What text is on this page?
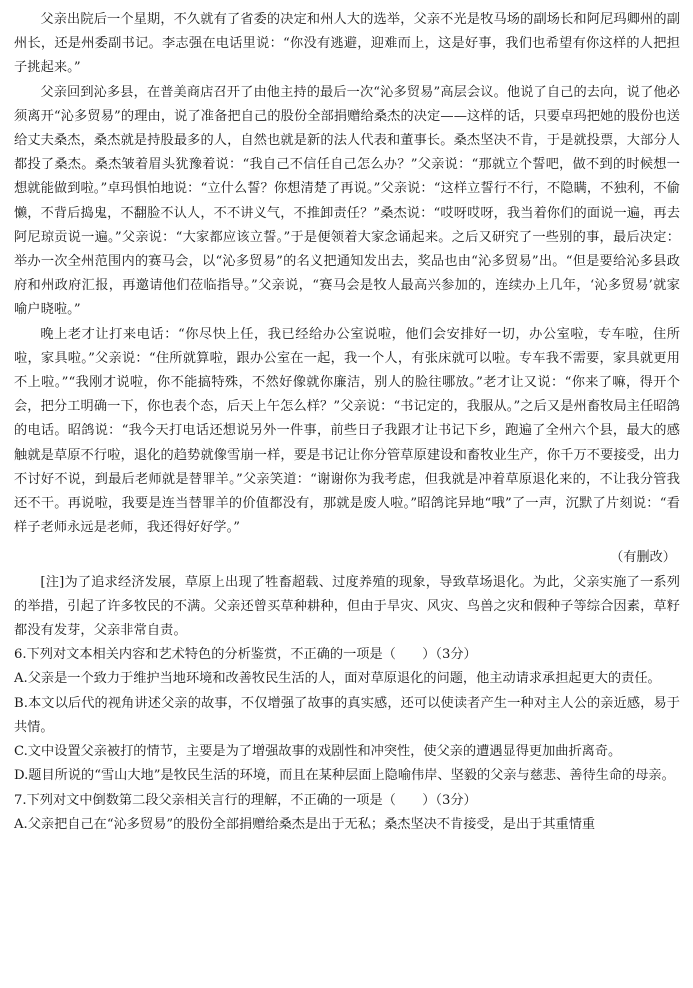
父亲出院后一个星期，不久就有了省委的决定和州人大的选举，父亲不光是牧马场的副场长和阿尼玛卿州的副州长，还是州委副书记。李志强在电话里说：“你没有逃避，迎难而上，这是好事，我们也希望有你这样的人把担子挑起来。”

父亲回到沁多县，在普美商店召开了由他主持的最后一次“沁多贸易”高层会议。他说了自己的去向，说了他必须离开“沁多贸易”的理由，说了准备把自己的股份全部捐赠给桑杰的决定——这样的话，只要卓玛把她的股份也送给丈夫桑杰，桑杰就是持股最多的人，自然也就是新的法人代表和董事长。桑杰坚决不肯，于是就投票，大部分人都投了桑杰。桑杰皱着眉头犹豫着说：“我自己不信任自己怎么办？”父亲说：“那就立个誓吧，做不到的时候想一想就能做到啦。”卓玛惧怕地说：“立什么誓？你想清楚了再说。”父亲说：“这样立誓行不行，不隐瞒，不独利，不偷懒，不背后捣鬼，不翻脸不认人，不不讲义气，不推卸责任？”桑杰说：“哎呀哎呀，我当着你们的面说一遍，再去阿尼琼贡说一遍。”父亲说：“大家都应该立誓。”于是便领着大家念诵起来。之后又研究了一些别的事，最后决定：举办一次全州范围内的赛马会，以“沁多贸易”的名义把通知发出去，奖品也由“沁多贸易”出。“但是要给沁多县政府和州政府汇报，再邀请他们莅临指导。”父亲说，“赛马会是牧人最高兴参加的，连续办上几年，‘沁多贸易’就家喻户晓啦。”

晚上老才让打来电话：“你尽快上任，我已经给办公室说啦，他们会安排好一切，办公室啦，专车啦，住所啦，家具啦。”父亲说：“住所就算啦，跟办公室在一起，我一个人，有张床就可以啦。专车我不需要，家具就更用不上啦。”“我刚才说啦，你不能搞特殊，不然好像就你廉洁，别人的脸往哪放。”老才让又说：“你来了嘛，得开个会，把分工明确一下，你也表个态，后天上午怎么样？”父亲说：“书记定的，我服从。”之后又是州畜牧局主任昭鸽的电话。昭鸽说：“我今天打电话还想说另外一件事，前些日子我跟才让书记下乡，跑遍了全州六个县，最大的感触就是草原不行啦，退化的趋势就像雪崩一样，要是书记让你分管草原建设和畜牧业生产，你千万不要接受，出力不讨好不说，到最后老师就是替罪羊。”父亲笑道：“谢谢你为我考虑，但我就是冲着草原退化来的，不让我分管我还不干。再说啦，我要是连当替罪羊的价值都没有，那就是废人啦。”昭鸽诧异地“哦”了一声，沉默了片刻说：“看样子老师永远是老师，我还得好好学。”

（有删改）

[注]为了追求经济发展，草原上出现了牲畜超载、过度养殖的现象，导致草场退化。为此，父亲实施了一系列的举措，引起了许多牧民的不满。父亲还曾买草种耕种，但由于旱灾、风灾、鸟兽之灾和假种子等综合因素，草籽都没有发芽，父亲非常自责。

6.下列对文本相关内容和艺术特色的分析鉴赏，不正确的一项是（　　）（3分）

A.父亲是一个致力于维护当地环境和改善牧民生活的人，面对草原退化的问题，他主动请求承担起更大的责任。

B.本文以后代的视角讲述父亲的故事，不仅增强了故事的真实感，还可以使读者产生一种对主人公的亲近感，易于共情。

C.文中设置父亲被打的情节，主要是为了增强故事的戏剧性和冲突性，使父亲的遭遇显得更加曲折离奇。

D.题目所说的“雪山大地”是牧民生活的环境，而且在某种层面上隐喻伟岸、坚毅的父亲与慈悲、善待生命的母亲。

7.下列对文中倒数第二段父亲相关言行的理解，不正确的一项是（　　）（3分）

A.父亲把自己在“沁多贸易”的股份全部捐赠给桑杰是出于无私；桑杰坚决不肯接受，是出于其重情重
